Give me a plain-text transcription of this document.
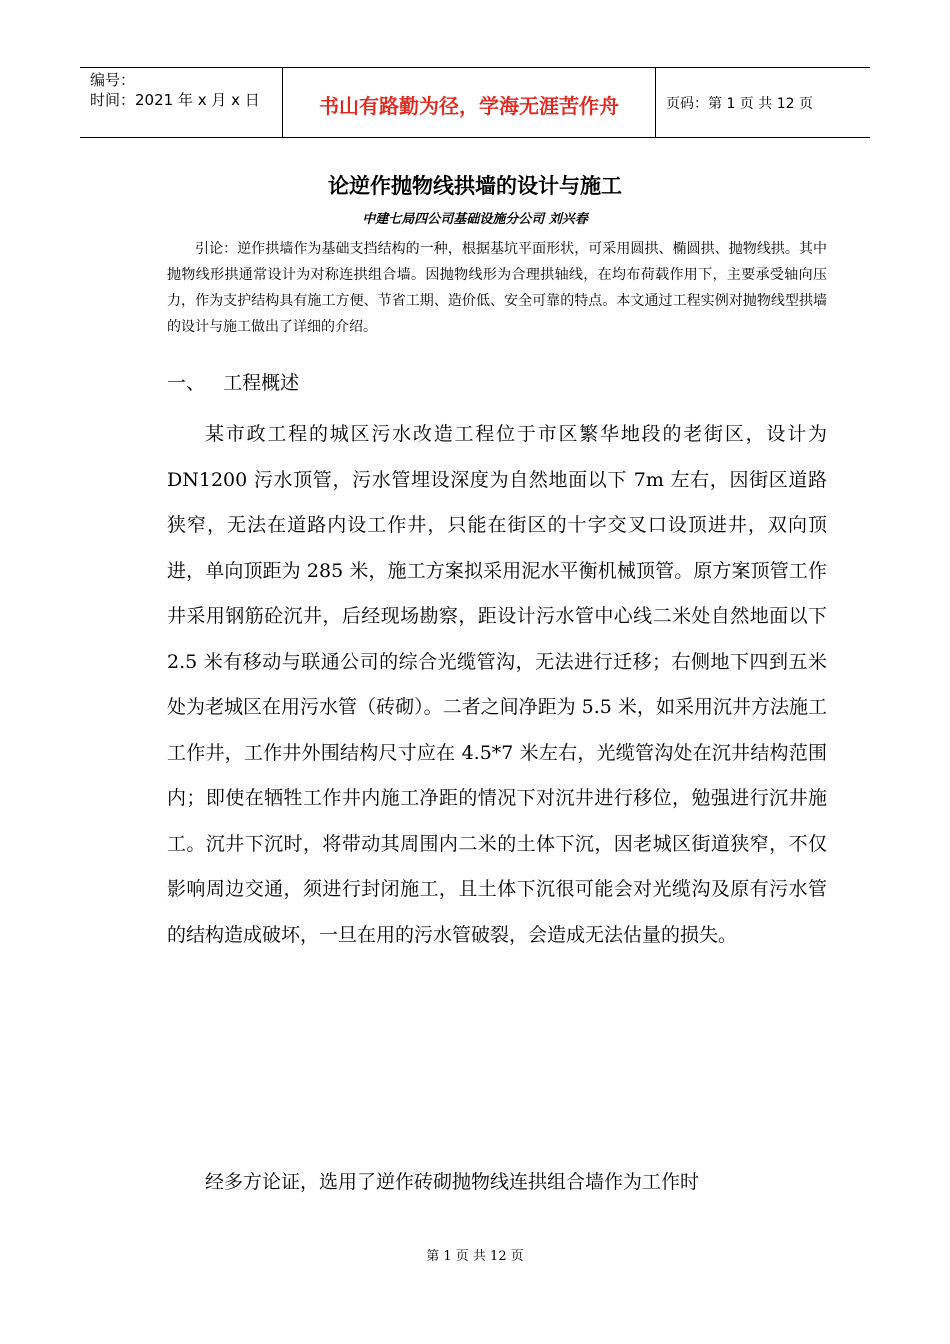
编号：
时间：2021 年 x 月 x 日	书山有路勤为径，学海无涯苦作舟	页码：第 1 页 共 12 页
论逆作抛物线拱墙的设计与施工
中建七局四公司基础设施分公司 刘兴春
引论：逆作拱墙作为基础支挡结构的一种，根据基坑平面形状，可采用圆拱、椭圆拱、抛物线拱。其中抛物线形拱通常设计为对称连拱组合墙。因抛物线形为合理拱轴线，在均布荷载作用下，主要承受轴向压力，作为支护结构具有施工方便、节省工期、造价低、安全可靠的特点。本文通过工程实例对抛物线型拱墙的设计与施工做出了详细的介绍。
一、   工程概述
某市政工程的城区污水改造工程位于市区繁华地段的老街区，设计为 DN1200 污水顶管，污水管埋设深度为自然地面以下 7m 左右，因街区道路狭窄，无法在道路内设工作井，只能在街区的十字交叉口设顶进井，双向顶进，单向顶距为 285 米，施工方案拟采用泥水平衡机械顶管。原方案顶管工作井采用钢筋砼沉井，后经现场勘察，距设计污水管中心线二米处自然地面以下 2.5 米有移动与联通公司的综合光缆管沟，无法进行迁移；右侧地下四到五米处为老城区在用污水管（砖砌）。二者之间净距为 5.5 米，如采用沉井方法施工工作井，工作井外围结构尺寸应在 4.5*7 米左右，光缆管沟处在沉井结构范围内；即使在牺牲工作井内施工净距的情况下对沉井进行移位，勉强进行沉井施工。沉井下沉时，将带动其周围内二米的土体下沉，因老城区街道狭窄，不仅影响周边交通，须进行封闭施工，且土体下沉很可能会对光缆沟及原有污水管的结构造成破坏，一旦在用的污水管破裂，会造成无法估量的损失。
经多方论证，选用了逆作砖砌抛物线连拱组合墙作为工作时
第 1 页 共 12 页
